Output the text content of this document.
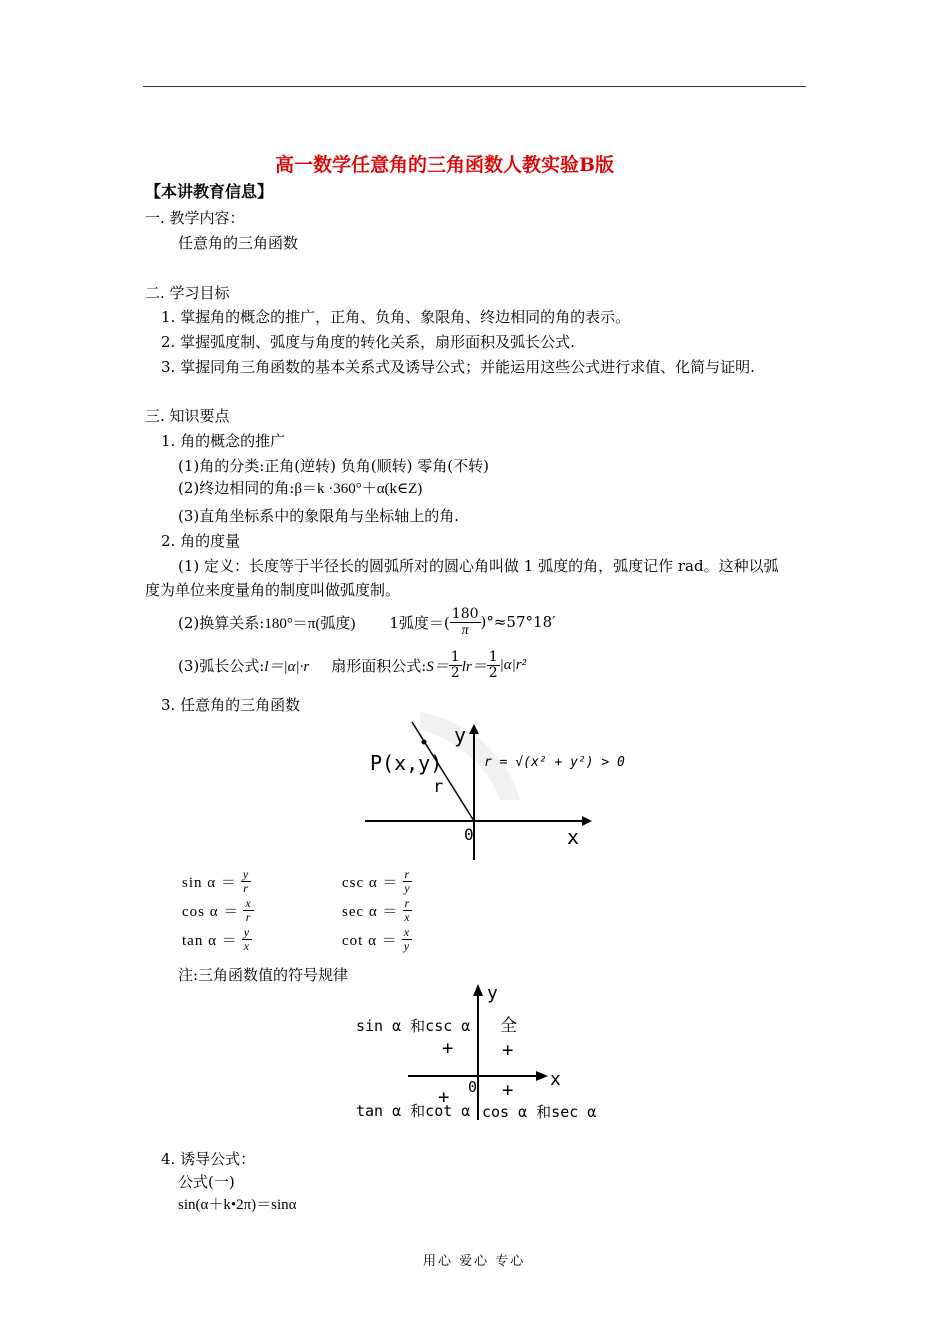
高一数学任意角的三角函数人教实验B版
【本讲教育信息】
一. 教学内容：
任意角的三角函数
二. 学习目标
1. 掌握角的概念的推广，正角、负角、象限角、终边相同的角的表示。
2. 掌握弧度制、弧度与角度的转化关系，扇形面积及弧长公式.
3. 掌握同角三角函数的基本关系式及诱导公式；并能运用这些公式进行求值、化简与证明.
三. 知识要点
1. 角的概念的推广
(1)角的分类:正角(逆转) 负角(顺转) 零角(不转)
(2)终边相同的角:β＝k ·360°＋α(k∈Z)
(3)直角坐标系中的象限角与坐标轴上的角.
2. 角的度量
(1) 定义：长度等于半径长的圆弧所对的圆心角叫做 1 弧度的角，弧度记作 rad。这种以弧
度为单位来度量角的制度叫做弧度制。
(2)换算关系: 180°＝π(弧度) 1弧度＝( $\frac{180}{\pi} )^\circ\approx 57^\circ 18'$
(3)弧长公式: l＝|α|·r 扇形面积公式: $S= \frac{1}{2} lr= \frac{1}{2} |\alpha|r^2$
3. 任意角的三角函数
P(x,y)
r
y
x
0
r = √(x² + y²) > 0
$\sin \alpha = \frac{y}{r}$	$\csc \alpha = \frac{r}{y}$
$\cos \alpha = \frac{x}{r}$	$\sec \alpha = \frac{r}{x}$
$\tan \alpha = \frac{y}{x}$	$\cot \alpha = \frac{x}{y}$
注:三角函数值的符号规律
y
x
0
sin α 和csc α 全
+	+
+	+
tan α 和cot α cos α 和sec α
4. 诱导公式：
公式(一)
sin(α＋k•2π)＝sinα
用心 爱心 专心
